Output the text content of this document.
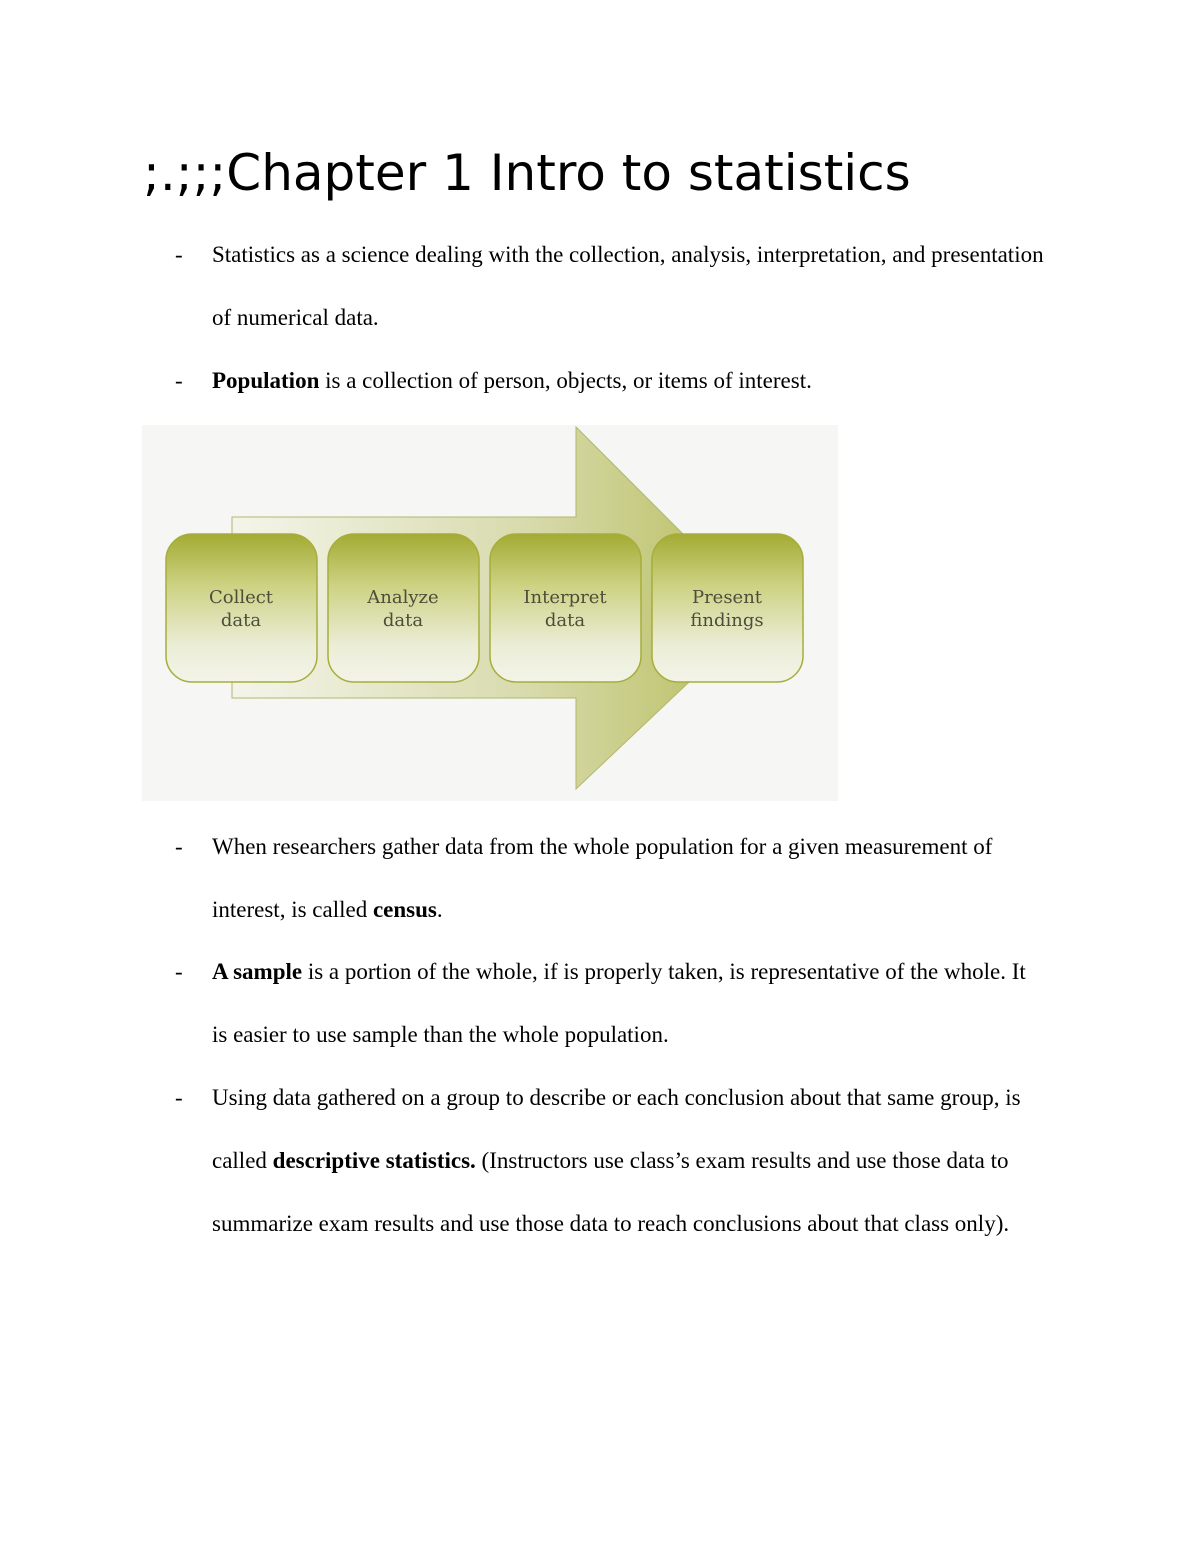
;.;;;Chapter 1 Intro to statistics
- Statistics as a science dealing with the collection, analysis, interpretation, and presentation of numerical data.
- Population is a collection of person, objects, or items of interest.
Collect
data
Analyze
data
Interpret
data
Present
findings
- When researchers gather data from the whole population for a given measurement of interest, is called census.
- A sample is a portion of the whole, if is properly taken, is representative of the whole. It is easier to use sample than the whole population.
- Using data gathered on a group to describe or each conclusion about that same group, is called descriptive statistics. (Instructors use class’s exam results and use those data to summarize exam results and use those data to reach conclusions about that class only).
